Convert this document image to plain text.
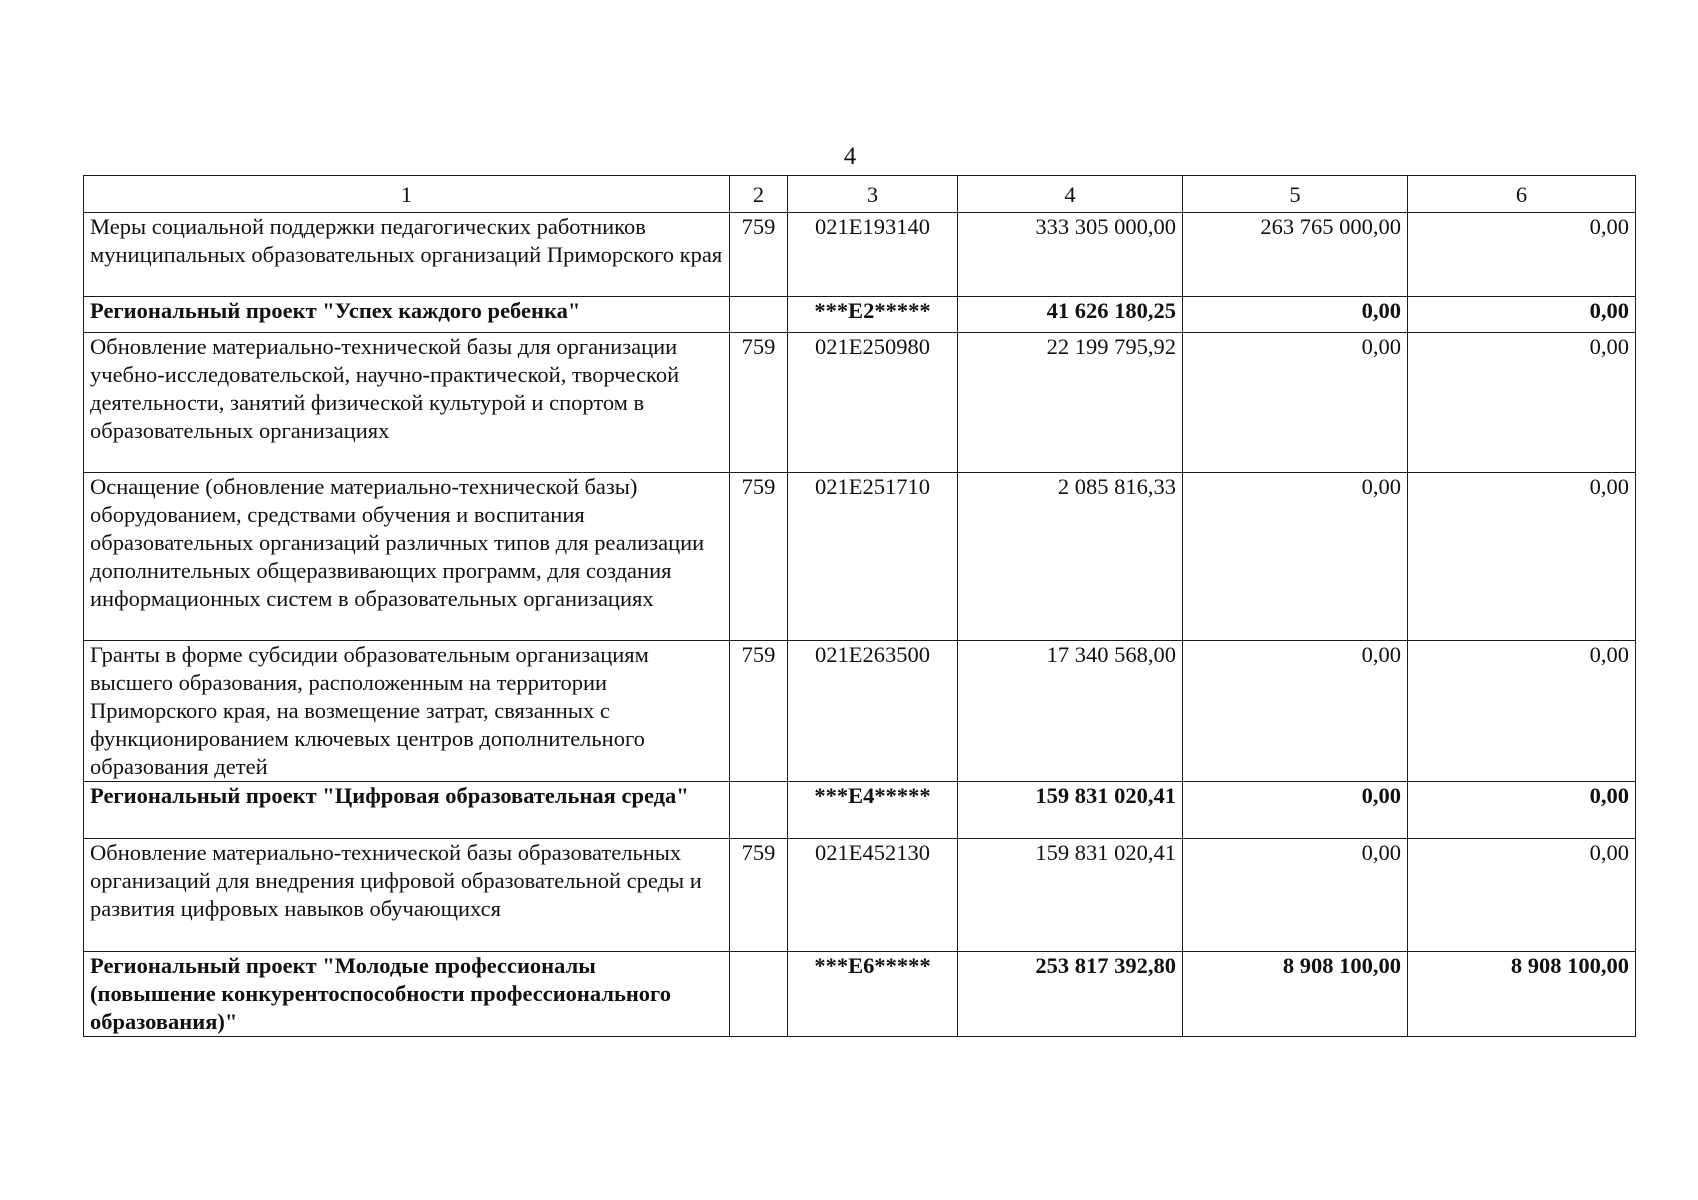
4
1	2	3	4	5	6
Меры социальной поддержки педагогических работников муниципальных образовательных организаций Приморского края	759	021E193140	333 305 000,00	263 765 000,00	0,00
Региональный проект "Успех каждого ребенка"		***E2*****	41 626 180,25	0,00	0,00
Обновление материально-технической базы для организации учебно-исследовательской, научно-практической, творческой деятельности, занятий физической культурой и спортом в образовательных организациях	759	021E250980	22 199 795,92	0,00	0,00
Оснащение (обновление материально-технической базы) оборудованием, средствами обучения и воспитания образовательных организаций различных типов для реализации дополнительных общеразвивающих программ, для создания информационных систем в образовательных организациях	759	021E251710	2 085 816,33	0,00	0,00
Гранты в форме субсидии образовательным организациям высшего образования, расположенным на территории Приморского края, на возмещение затрат, связанных с функционированием ключевых центров дополнительного образования детей	759	021E263500	17 340 568,00	0,00	0,00
Региональный проект "Цифровая образовательная среда"		***E4*****	159 831 020,41	0,00	0,00
Обновление материально-технической базы образовательных организаций для внедрения цифровой образовательной среды и развития цифровых навыков обучающихся	759	021E452130	159 831 020,41	0,00	0,00
Региональный проект "Молодые профессионалы (повышение конкурентоспособности профессионального образования)"		***E6*****	253 817 392,80	8 908 100,00	8 908 100,00
